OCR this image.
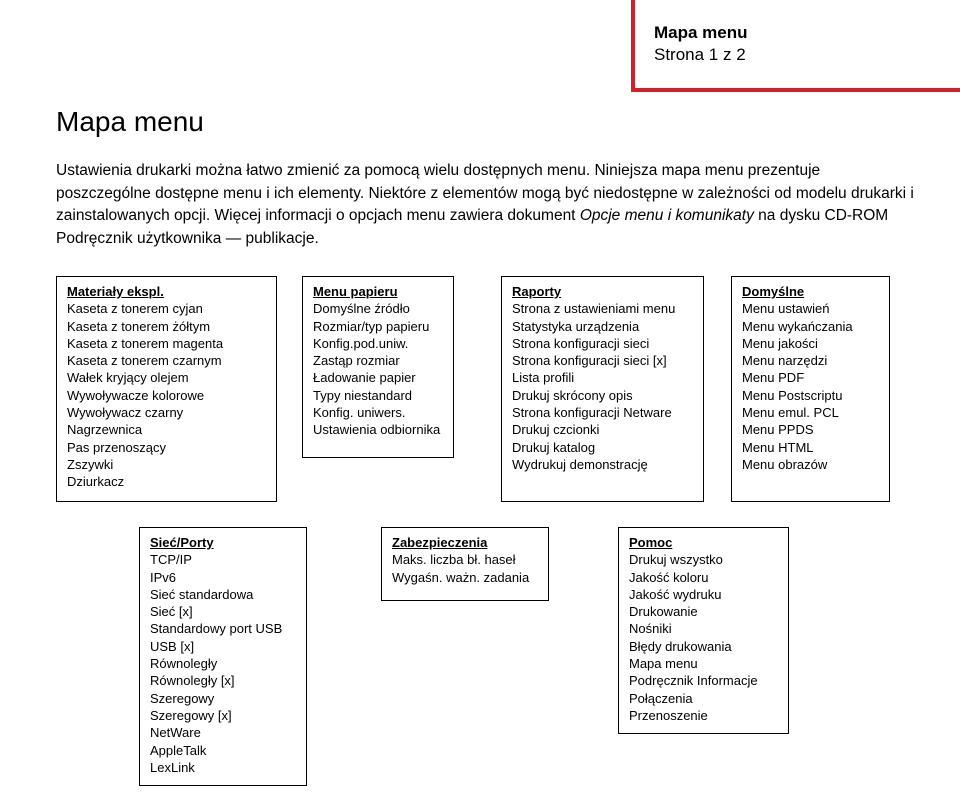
Mapa menu
Strona 1 z 2
Mapa menu

Ustawienia drukarki można łatwo zmienić za pomocą wielu dostępnych menu. Niniejsza mapa menu prezentuje poszczególne dostępne menu i ich elementy. Niektóre z elementów mogą być niedostępne w zależności od modelu drukarki i zainstalowanych opcji. Więcej informacji o opcjach menu zawiera dokument Opcje menu i komunikaty na dysku CD-ROM Podręcznik użytkownika — publikacje.

Materiały ekspl.
Kaseta z tonerem cyjan
Kaseta z tonerem żółtym
Kaseta z tonerem magenta
Kaseta z tonerem czarnym
Wałek kryjący olejem
Wywoływacze kolorowe
Wywoływacz czarny
Nagrzewnica
Pas przenoszący
Zszywki
Dziurkacz
Menu papieru
Domyślne źródło
Rozmiar/typ papieru
Konfig.pod.uniw.
Zastąp rozmiar
Ładowanie papier
Typy niestandard
Konfig. uniwers.
Ustawienia odbiornika
Raporty
Strona z ustawieniami menu
Statystyka urządzenia
Strona konfiguracji sieci
Strona konfiguracji sieci [x]
Lista profili
Drukuj skrócony opis
Strona konfiguracji Netware
Drukuj czcionki
Drukuj katalog
Wydrukuj demonstrację
Domyślne
Menu ustawień
Menu wykańczania
Menu jakości
Menu narzędzi
Menu PDF
Menu Postscriptu
Menu emul. PCL
Menu PPDS
Menu HTML
Menu obrazów
Sieć/Porty
TCP/IP
IPv6
Sieć standardowa
Sieć [x]
Standardowy port USB
USB [x]
Równoległy
Równoległy [x]
Szeregowy
Szeregowy [x]
NetWare
AppleTalk
LexLink
Zabezpieczenia
Maks. liczba bł. haseł
Wygaśn. ważn. zadania
Pomoc
Drukuj wszystko
Jakość koloru
Jakość wydruku
Drukowanie
Nośniki
Błędy drukowania
Mapa menu
Podręcznik Informacje
Połączenia
Przenoszenie
